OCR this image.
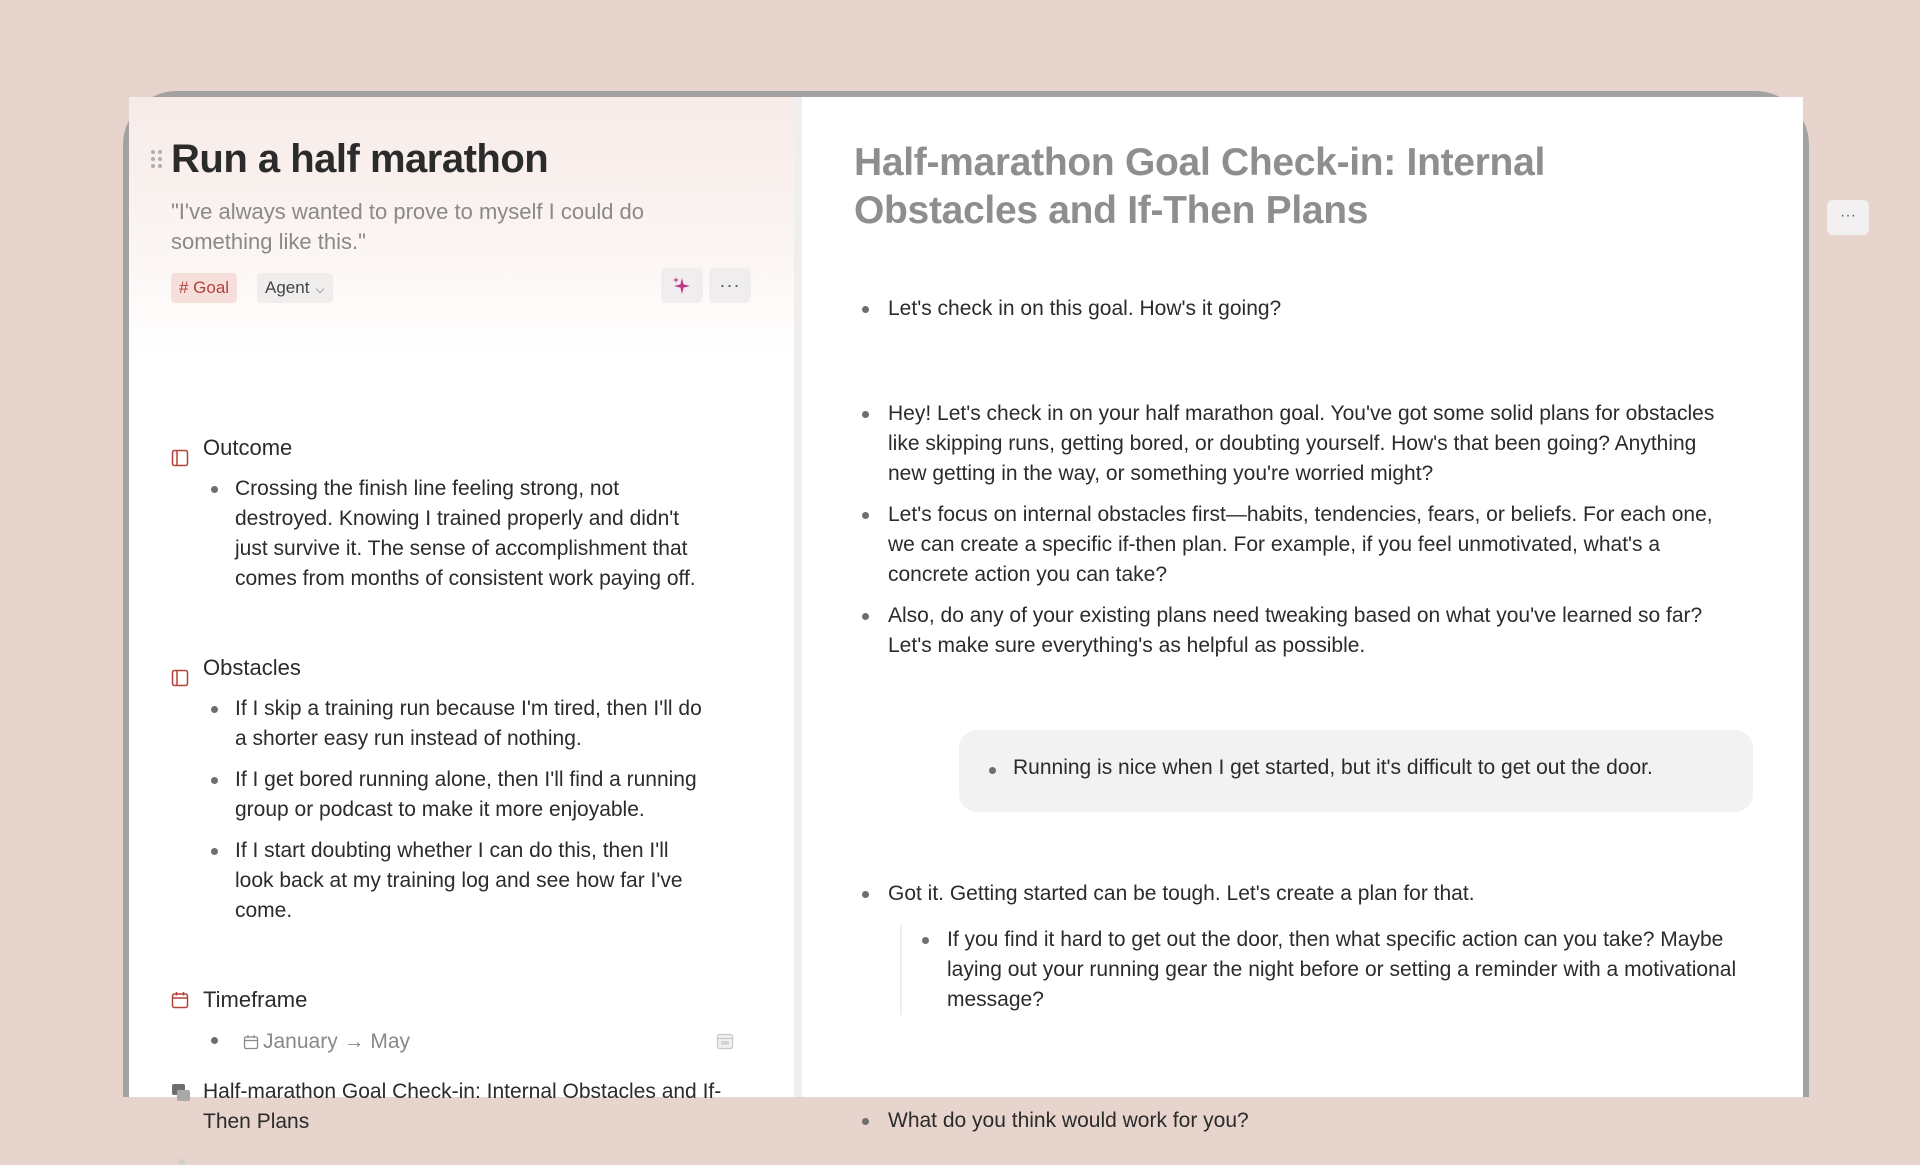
Run a half marathon
"I've always wanted to prove to myself I could do something like this."
# Goal	Agent ⌵	···
Outcome
Crossing the finish line feeling strong, not destroyed. Knowing I trained properly and didn't just survive it. The sense of accomplishment that comes from months of consistent work paying off.
Obstacles
If I skip a training run because I'm tired, then I'll do a shorter easy run instead of nothing.
If I get bored running alone, then I'll find a running group or podcast to make it more enjoyable.
If I start doubting whether I can do this, then I'll look back at my training log and see how far I've come.
Timeframe
January → May
Half-marathon Goal Check-in: Internal Obstacles and If-Then Plans
Half-marathon Goal Check-in: Internal Obstacles and If-Then Plans	···
Let's check in on this goal. How's it going?
Hey! Let's check in on your half marathon goal. You've got some solid plans for obstacles like skipping runs, getting bored, or doubting yourself. How's that been going? Anything new getting in the way, or something you're worried might?
Let's focus on internal obstacles first—habits, tendencies, fears, or beliefs. For each one, we can create a specific if-then plan. For example, if you feel unmotivated, what's a concrete action you can take?
Also, do any of your existing plans need tweaking based on what you've learned so far? Let's make sure everything's as helpful as possible.
Running is nice when I get started, but it's difficult to get out the door.
Got it. Getting started can be tough. Let's create a plan for that.
If you find it hard to get out the door, then what specific action can you take? Maybe laying out your running gear the night before or setting a reminder with a motivational message?
What do you think would work for you?
